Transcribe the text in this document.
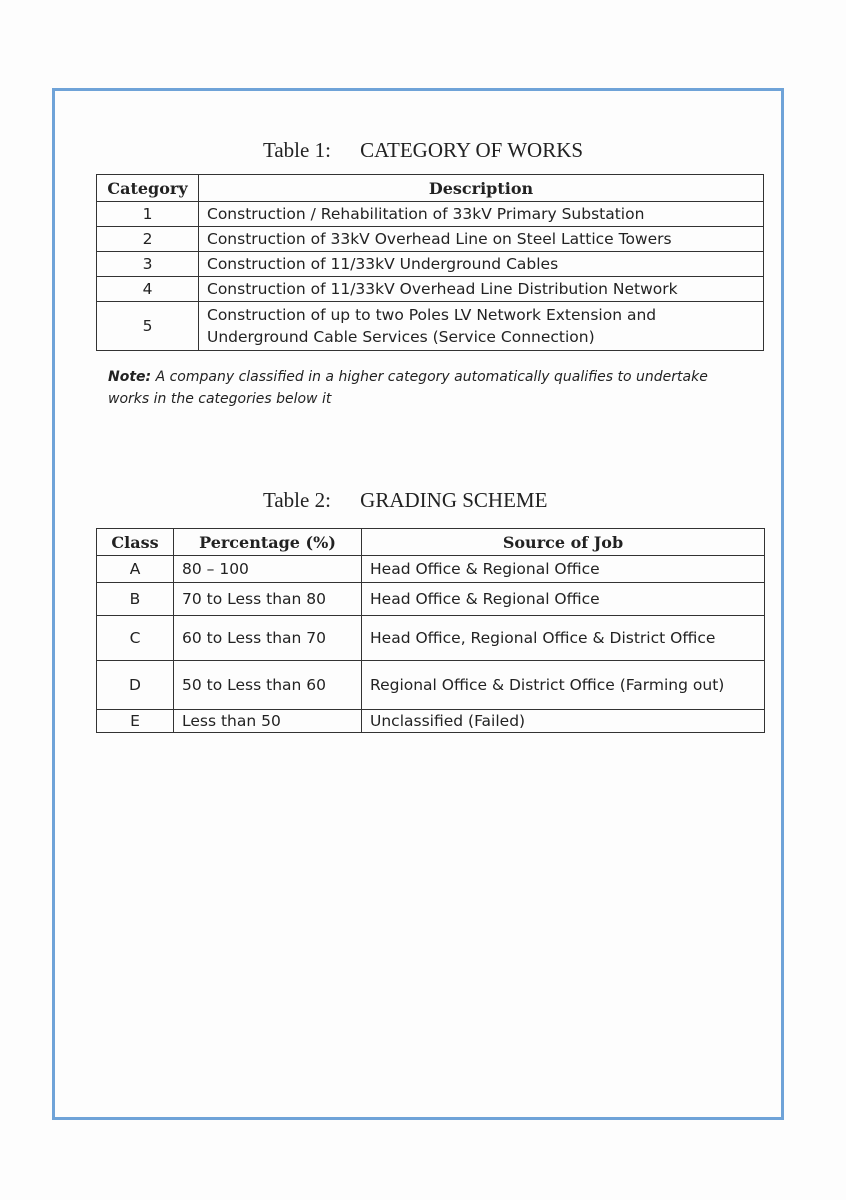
Table 1: CATEGORY OF WORKS
Category	Description
1	Construction / Rehabilitation of 33kV Primary Substation
2	Construction of 33kV Overhead Line on Steel Lattice Towers
3	Construction of 11/33kV Underground Cables
4	Construction of 11/33kV Overhead Line Distribution Network
5	Construction of up to two Poles LV Network Extension and Underground Cable Services (Service Connection)
Note: A company classified in a higher category automatically qualifies to undertake works in the categories below it
Table 2: GRADING SCHEME
Class	Percentage (%)	Source of Job
A	80 – 100	Head Office & Regional Office
B	70 to Less than 80	Head Office & Regional Office
C	60 to Less than 70	Head Office, Regional Office & District Office
D	50 to Less than 60	Regional Office & District Office (Farming out)
E	Less than 50	Unclassified (Failed)
